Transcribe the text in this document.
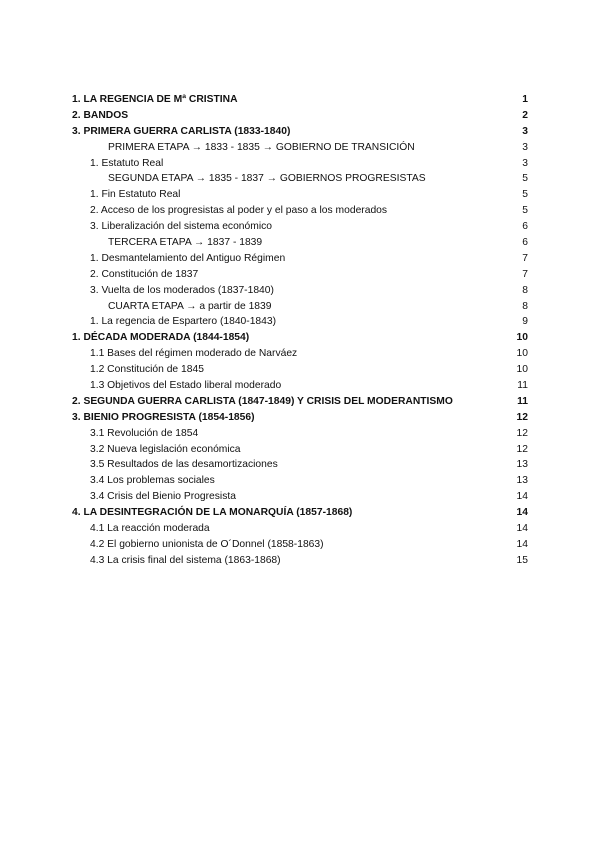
1. LA REGENCIA DE Mª CRISTINA	1
2. BANDOS	2
3. PRIMERA GUERRA CARLISTA (1833-1840)	3
PRIMERA ETAPA → 1833 - 1835 → GOBIERNO DE TRANSICIÓN	3
1. Estatuto Real	3
SEGUNDA ETAPA → 1835 - 1837 → GOBIERNOS PROGRESISTAS	5
1. Fin Estatuto Real	5
2. Acceso de los progresistas al poder y el paso a los moderados	5
3. Liberalización del sistema económico	6
TERCERA ETAPA → 1837 - 1839	6
1. Desmantelamiento del Antiguo Régimen	7
2. Constitución de 1837	7
3. Vuelta de los moderados (1837-1840)	8
CUARTA ETAPA → a partir de 1839	8
1. La regencia de Espartero (1840-1843)	9
1. DÉCADA MODERADA (1844-1854)	10
1.1 Bases del régimen moderado de Narváez	10
1.2 Constitución de 1845	10
1.3 Objetivos del Estado liberal moderado	11
2. SEGUNDA GUERRA CARLISTA (1847-1849) Y CRISIS DEL MODERANTISMO	11
3. BIENIO PROGRESISTA (1854-1856)	12
3.1 Revolución de 1854	12
3.2 Nueva legislación económica	12
3.5 Resultados de las desamortizaciones	13
3.4 Los problemas sociales	13
3.4 Crisis del Bienio Progresista	14
4. LA DESINTEGRACIÓN DE LA MONARQUÍA (1857-1868)	14
4.1 La reacción moderada	14
4.2 El gobierno unionista de O´Donnel (1858-1863)	14
4.3 La crisis final del sistema (1863-1868)	15
